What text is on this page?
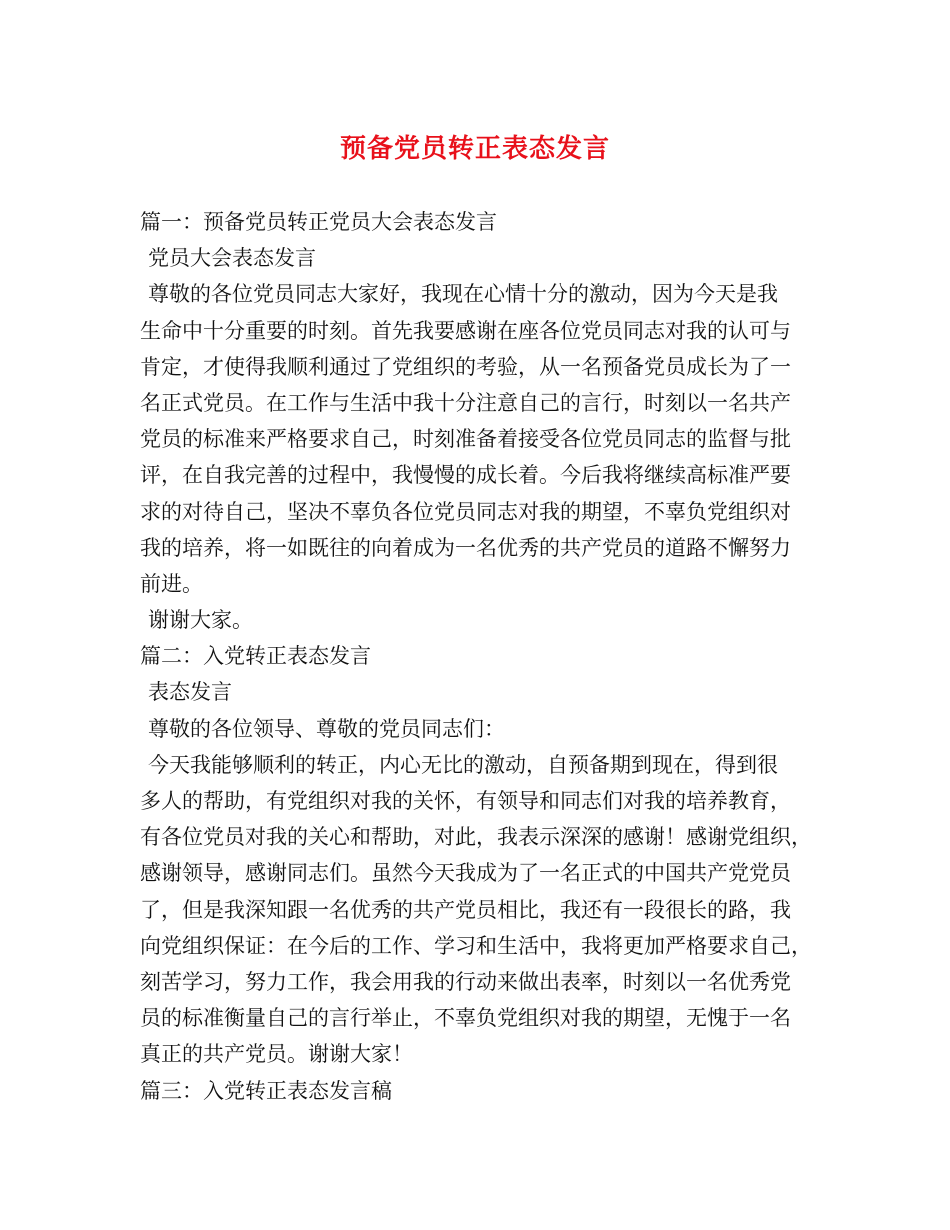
预备党员转正表态发言
篇一：预备党员转正党员大会表态发言
党员大会表态发言
尊敬的各位党员同志大家好，我现在心情十分的激动，因为今天是我
生命中十分重要的时刻。首先我要感谢在座各位党员同志对我的认可与
肯定，才使得我顺利通过了党组织的考验，从一名预备党员成长为了一
名正式党员。在工作与生活中我十分注意自己的言行，时刻以一名共产
党员的标准来严格要求自己，时刻准备着接受各位党员同志的监督与批
评，在自我完善的过程中，我慢慢的成长着。今后我将继续高标准严要
求的对待自己，坚决不辜负各位党员同志对我的期望，不辜负党组织对
我的培养，将一如既往的向着成为一名优秀的共产党员的道路不懈努力
前进。
谢谢大家。
篇二：入党转正表态发言
表态发言
尊敬的各位领导、尊敬的党员同志们：
今天我能够顺利的转正，内心无比的激动，自预备期到现在，得到很
多人的帮助，有党组织对我的关怀，有领导和同志们对我的培养教育，
有各位党员对我的关心和帮助，对此，我表示深深的感谢！感谢党组织，
感谢领导，感谢同志们。虽然今天我成为了一名正式的中国共产党党员
了，但是我深知跟一名优秀的共产党员相比，我还有一段很长的路，我
向党组织保证：在今后的工作、学习和生活中，我将更加严格要求自己，
刻苦学习，努力工作，我会用我的行动来做出表率，时刻以一名优秀党
员的标准衡量自己的言行举止，不辜负党组织对我的期望，无愧于一名
真正的共产党员。谢谢大家！
篇三：入党转正表态发言稿
